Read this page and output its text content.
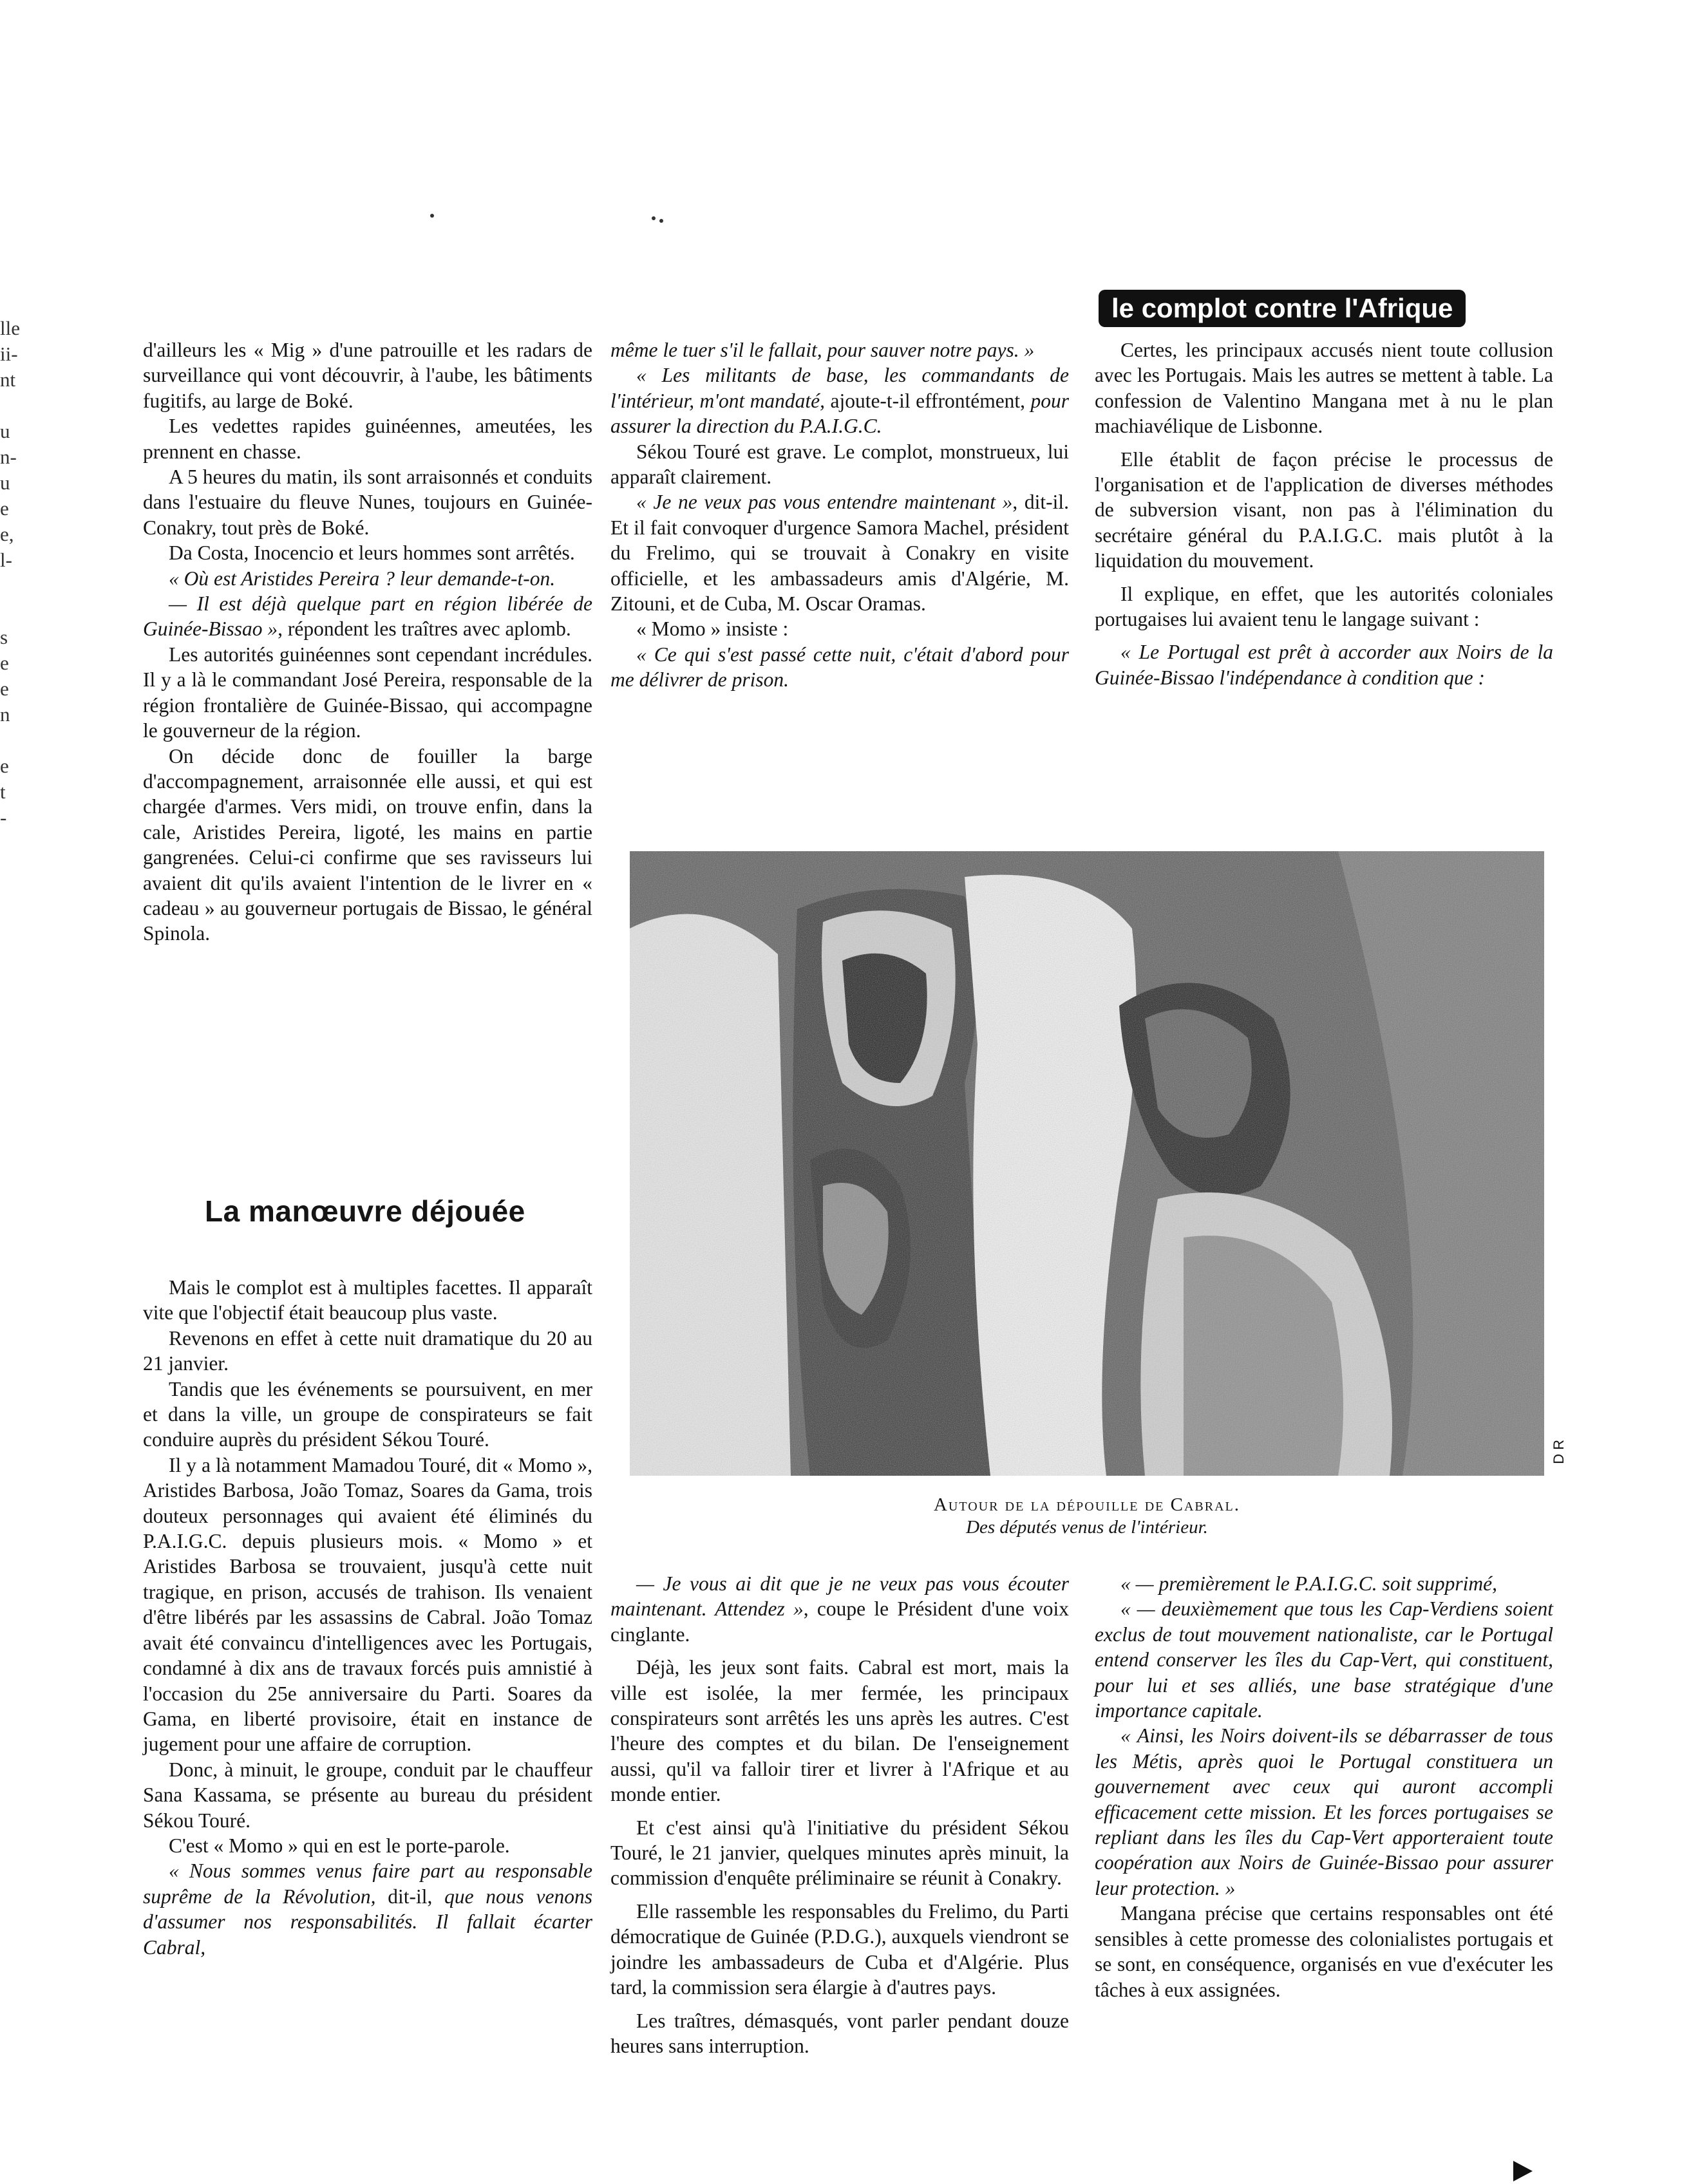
lle
ii-
nt
u
n-
u
e
e,
l-
s
e
e
n
e
t
-
le complot contre l'Afrique

d'ailleurs les « Mig » d'une patrouille et les radars de surveillance qui vont découvrir, à l'aube, les bâtiments fugitifs, au large de Boké.

Les vedettes rapides guinéennes, ameutées, les prennent en chasse.

A 5 heures du matin, ils sont arraisonnés et conduits dans l'estuaire du fleuve Nunes, toujours en Guinée-Conakry, tout près de Boké.

Da Costa, Inocencio et leurs hommes sont arrêtés.

« Où est Aristides Pereira ? leur demande-t-on.

— Il est déjà quelque part en région libérée de Guinée-Bissao », répondent les traîtres avec aplomb.

Les autorités guinéennes sont cependant incrédules. Il y a là le commandant José Pereira, responsable de la région frontalière de Guinée-Bissao, qui accompagne le gouverneur de la région.

On décide donc de fouiller la barge d'accompagnement, arraisonnée elle aussi, et qui est chargée d'armes. Vers midi, on trouve enfin, dans la cale, Aristides Pereira, ligoté, les mains en partie gangrenées. Celui-ci confirme que ses ravisseurs lui avaient dit qu'ils avaient l'intention de le livrer en « cadeau » au gouverneur portugais de Bissao, le général Spinola.

La manœuvre déjouée

Mais le complot est à multiples facettes. Il apparaît vite que l'objectif était beaucoup plus vaste.

Revenons en effet à cette nuit dramatique du 20 au 21 janvier.

Tandis que les événements se poursuivent, en mer et dans la ville, un groupe de conspirateurs se fait conduire auprès du président Sékou Touré.

Il y a là notamment Mamadou Touré, dit « Momo », Aristides Barbosa, João Tomaz, Soares da Gama, trois douteux personnages qui avaient été éliminés du P.A.I.G.C. depuis plusieurs mois. « Momo » et Aristides Barbosa se trouvaient, jusqu'à cette nuit tragique, en prison, accusés de trahison. Ils venaient d'être libérés par les assassins de Cabral. João Tomaz avait été convaincu d'intelligences avec les Portugais, condamné à dix ans de travaux forcés puis amnistié à l'occasion du 25e anniversaire du Parti. Soares da Gama, en liberté provisoire, était en instance de jugement pour une affaire de corruption.

Donc, à minuit, le groupe, conduit par le chauffeur Sana Kassama, se présente au bureau du président Sékou Touré.

C'est « Momo » qui en est le porte-parole.

« Nous sommes venus faire part au responsable suprême de la Révolution, dit-il, que nous venons d'assumer nos responsabilités. Il fallait écarter Cabral,

même le tuer s'il le fallait, pour sauver notre pays. »

« Les militants de base, les commandants de l'intérieur, m'ont mandaté, ajoute-t-il effrontément, pour assurer la direction du P.A.I.G.C.

Sékou Touré est grave. Le complot, monstrueux, lui apparaît clairement.

« Je ne veux pas vous entendre maintenant », dit-il. Et il fait convoquer d'urgence Samora Machel, président du Frelimo, qui se trouvait à Conakry en visite officielle, et les ambassadeurs amis d'Algérie, M. Zitouni, et de Cuba, M. Oscar Oramas.

« Momo » insiste :

« Ce qui s'est passé cette nuit, c'était d'abord pour me délivrer de prison.

Certes, les principaux accusés nient toute collusion avec les Portugais. Mais les autres se mettent à table. La confession de Valentino Mangana met à nu le plan machiavélique de Lisbonne.

Elle établit de façon précise le processus de l'organisation et de l'application de diverses méthodes de subversion visant, non pas à l'élimination du secrétaire général du P.A.I.G.C. mais plutôt à la liquidation du mouvement.

Il explique, en effet, que les autorités coloniales portugaises lui avaient tenu le langage suivant :

« Le Portugal est prêt à accorder aux Noirs de la Guinée-Bissao l'indépendance à condition que :

D R
Autour de la dépouille de Cabral.
Des députés venus de l'intérieur.

— Je vous ai dit que je ne veux pas vous écouter maintenant. Attendez », coupe le Président d'une voix cinglante.

Déjà, les jeux sont faits. Cabral est mort, mais la ville est isolée, la mer fermée, les principaux conspirateurs sont arrêtés les uns après les autres. C'est l'heure des comptes et du bilan. De l'enseignement aussi, qu'il va falloir tirer et livrer à l'Afrique et au monde entier.

Et c'est ainsi qu'à l'initiative du président Sékou Touré, le 21 janvier, quelques minutes après minuit, la commission d'enquête préliminaire se réunit à Conakry.

Elle rassemble les responsables du Frelimo, du Parti démocratique de Guinée (P.D.G.), auxquels viendront se joindre les ambassadeurs de Cuba et d'Algérie. Plus tard, la commission sera élargie à d'autres pays.

Les traîtres, démasqués, vont parler pendant douze heures sans interruption.

« — premièrement le P.A.I.G.C. soit supprimé,

« — deuxièmement que tous les Cap-Verdiens soient exclus de tout mouvement nationaliste, car le Portugal entend conserver les îles du Cap-Vert, qui constituent, pour lui et ses alliés, une base stratégique d'une importance capitale.

« Ainsi, les Noirs doivent-ils se débarrasser de tous les Métis, après quoi le Portugal constituera un gouvernement avec ceux qui auront accompli efficacement cette mission. Et les forces portugaises se repliant dans les îles du Cap-Vert apporteraient toute coopération aux Noirs de Guinée-Bissao pour assurer leur protection. »

Mangana précise que certains responsables ont été sensibles à cette promesse des colonialistes portugais et se sont, en conséquence, organisés en vue d'exécuter les tâches à eux assignées.
